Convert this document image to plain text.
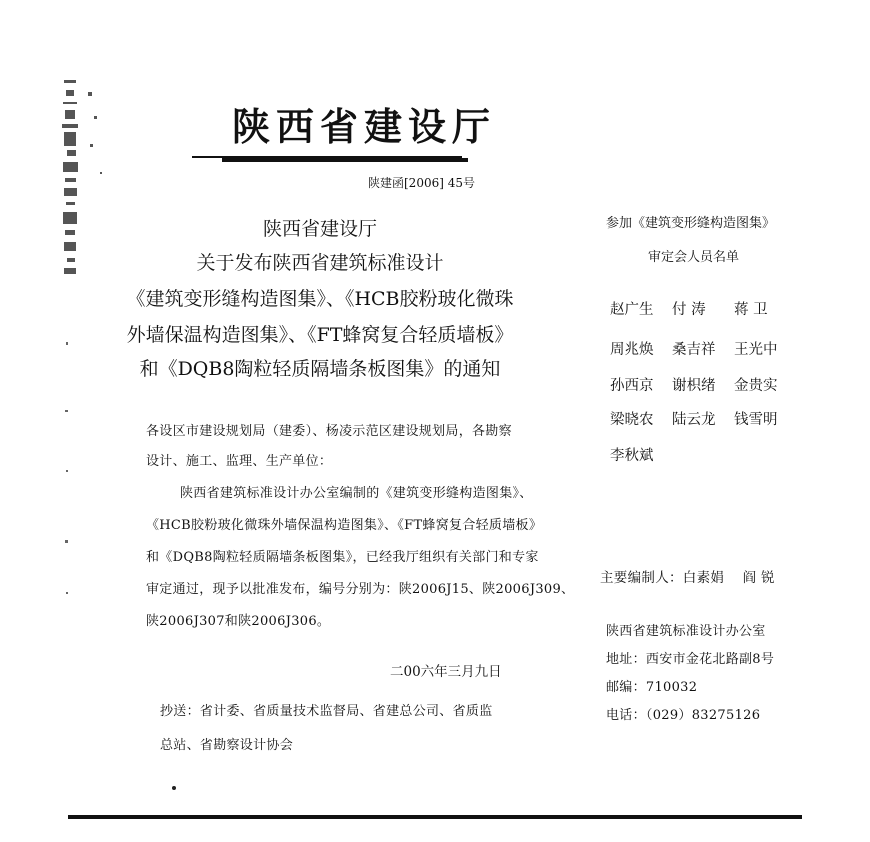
陕西省建设厅
陕建函[2006] 45号
陕西省建设厅
关于发布陕西省建筑标准设计
《建筑变形缝构造图集》、《HCB胶粉玻化微珠
外墙保温构造图集》、《FT蜂窝复合轻质墙板》
和《DQB8陶粒轻质隔墙条板图集》的通知
各设区市建设规划局（建委）、杨凌示范区建设规划局，各勘察
设计、施工、监理、生产单位：
陕西省建筑标准设计办公室编制的《建筑变形缝构造图集》、
《HCB胶粉玻化微珠外墙保温构造图集》、《FT蜂窝复合轻质墙板》
和《DQB8陶粒轻质隔墙条板图集》，已经我厅组织有关部门和专家
审定通过，现予以批准发布，编号分别为：陕2006J15、陕2006J309、
陕2006J307和陕2006J306。
二00六年三月九日
抄送：省计委、省质量技术监督局、省建总公司、省质监
总站、省勘察设计协会
参加《建筑变形缝构造图集》
审定会人员名单
赵广生 付 涛 蒋 卫
周兆焕 桑吉祥 王光中
孙西京 谢枳绪 金贵实
梁晓农 陆云龙 钱雪明
李秋斌
主要编制人：白素娟　 阎 锐
陕西省建筑标准设计办公室
地址：西安市金花北路副8号
邮编：710032
电话：（029）83275126
